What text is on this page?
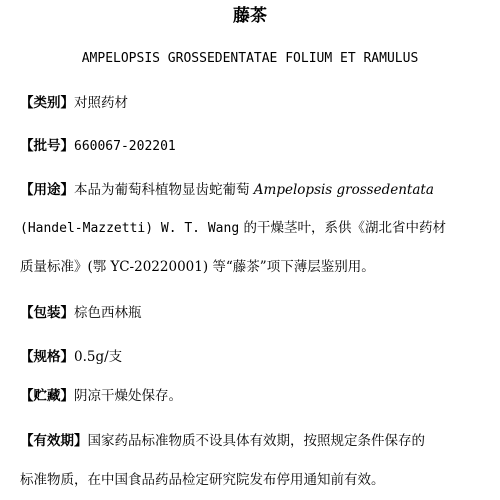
藤茶
AMPELOPSIS GROSSEDENTATAE FOLIUM ET RAMULUS
【类别】对照药材
【批号】660067-202201
【用途】本品为葡萄科植物显齿蛇葡萄 Ampelopsis grossedentata
(Handel-Mazzetti) W. T. Wang 的干燥茎叶，系供《湖北省中药材
质量标准》(鄂 YC-20220001) 等“藤茶”项下薄层鉴别用。
【包装】棕色西林瓶
【规格】0.5g/支
【贮藏】阴凉干燥处保存。
【有效期】国家药品标准物质不设具体有效期，按照规定条件保存的
标准物质，在中国食品药品检定研究院发布停用通知前有效。
